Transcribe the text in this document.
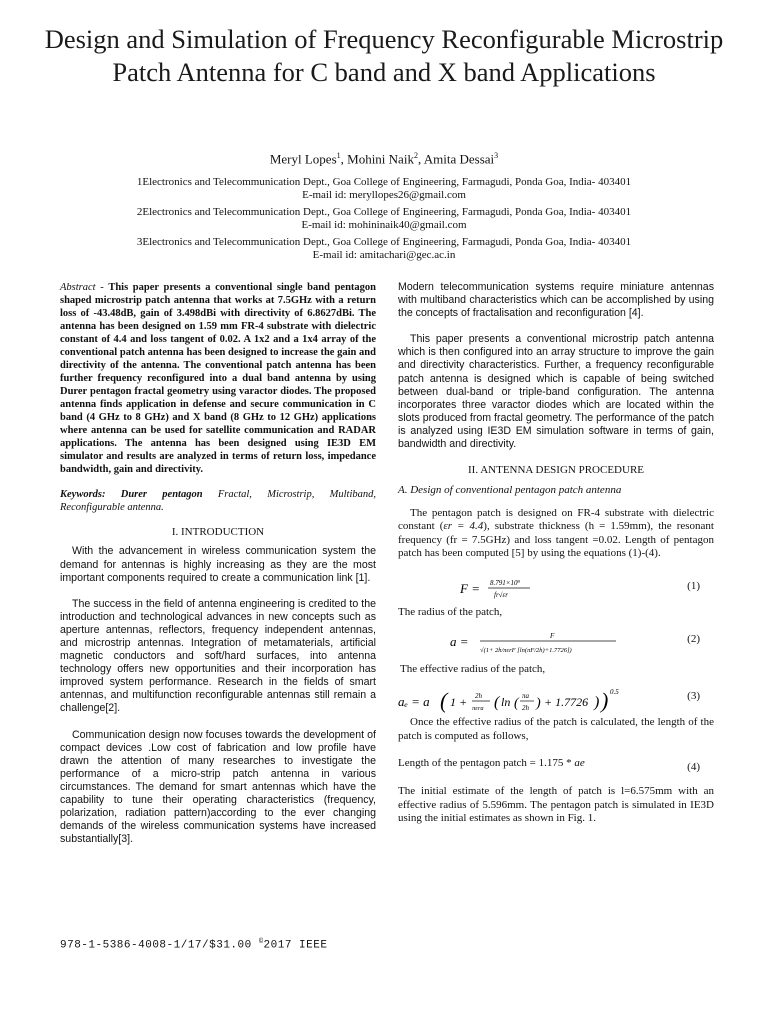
Design and Simulation of Frequency Reconfigurable Microstrip Patch Antenna for C band and X band Applications
Meryl Lopes$^1$, Mohini Naik$^2$, Amita Dessai$^3$
1Electronics and Telecommunication Dept., Goa College of Engineering, Farmagudi, Ponda Goa, India- 403401
E-mail id: meryllopes26@gmail.com
2Electronics and Telecommunication Dept., Goa College of Engineering, Farmagudi, Ponda Goa, India- 403401
E-mail id: mohininaik40@gmail.com
3Electronics and Telecommunication Dept., Goa College of Engineering, Farmagudi, Ponda Goa, India- 403401
E-mail id: amitachari@gec.ac.in

Abstract - This paper presents a conventional single band pentagon shaped microstrip patch antenna that works at 7.5GHz with a return loss of -43.48dB, gain of 3.498dBi with directivity of 6.8627dBi. The antenna has been designed on 1.59 mm FR-4 substrate with dielectric constant of 4.4 and loss tangent of 0.02. A 1x2 and a 1x4 array of the conventional patch antenna has been designed to increase the gain and directivity of the antenna. The conventional patch antenna has been further frequency reconfigured into a dual band antenna by using Durer pentagon fractal geometry using varactor diodes. The proposed antenna finds application in defense and secure communication in C band (4 GHz to 8 GHz) and X band (8 GHz to 12 GHz) applications where antenna can be used for satellite communication and RADAR applications. The antenna has been designed using IE3D EM simulator and results are analyzed in terms of return loss, impedance bandwidth, gain and directivity.

Keywords: Durer pentagon Fractal, Microstrip, Multiband, Reconfigurable antenna.

I. INTRODUCTION

With the advancement in wireless communication system the demand for antennas is highly increasing as they are the most important components required to create a communication link [1].

The success in the field of antenna engineering is credited to the introduction and technological advances in new concepts such as aperture antennas, reflectors, frequency independent antennas, and microstrip antennas. Integration of metamaterials, artificial magnetic conductors and soft/hard surfaces, into antenna technology offers new opportunities and their incorporation has improved system performance. Research in the fields of smart antennas, and multifunction reconfigurable antennas still remain a challenge[2].

Communication design now focuses towards the development of compact devices .Low cost of fabrication and low profile have drawn the attention of many researches to investigate the performance of a micro-strip patch antenna in various circumstances. The demand for smart antennas which have the capability to tune their operating characteristics (frequency, polarization, radiation pattern)according to the ever changing demands of the wireless communication systems have increased substantially[3].

Modern telecommunication systems require miniature antennas with multiband characteristics which can be accomplished by using the concepts of fractalisation and reconfiguration [4].

This paper presents a conventional microstrip patch antenna which is then configured into an array structure to improve the gain and directivity characteristics. Further, a frequency reconfigurable patch antenna is designed which is capable of being switched between dual-band or triple-band configuration. The antenna incorporates three varactor diodes which are located within the slots produced from fractal geometry. The performance of the patch is analyzed using IE3D EM simulation software in terms of gain, bandwidth and directivity.

II. ANTENNA DESIGN PROCEDURE
A. Design of conventional pentagon patch antenna

The pentagon patch is designed on FR-4 substrate with dielectric constant (εr = 4.4), substrate thickness (h = 1.59mm), the resonant frequency (fr = 7.5GHz) and loss tangent =0.02. Length of pentagon patch has been computed [5] by using the equations (1)-(4).

F = 8.791×10⁹
fr√εr
(1)
The radius of the patch,
a =	F
√(1+ 2h/πεrF [ln(πF/2h)+1.7726])
(2)
The effective radius of the patch,
aₑ = a ( 1 + 2h
πεra ( ln ( πa
2h ) + 1.7726 ) ) 0.5	(3)

Once the effective radius of the patch is calculated, the length of the patch is computed as follows,

Length of the pentagon patch = 1.175 * ae	(4)

The initial estimate of the length of patch is l=6.575mm with an effective radius of 5.596mm. The pentagon patch is simulated in IE3D using the initial estimates as shown in Fig. 1.

978-1-5386-4008-1/17/$31.00 ©2017 IEEE
